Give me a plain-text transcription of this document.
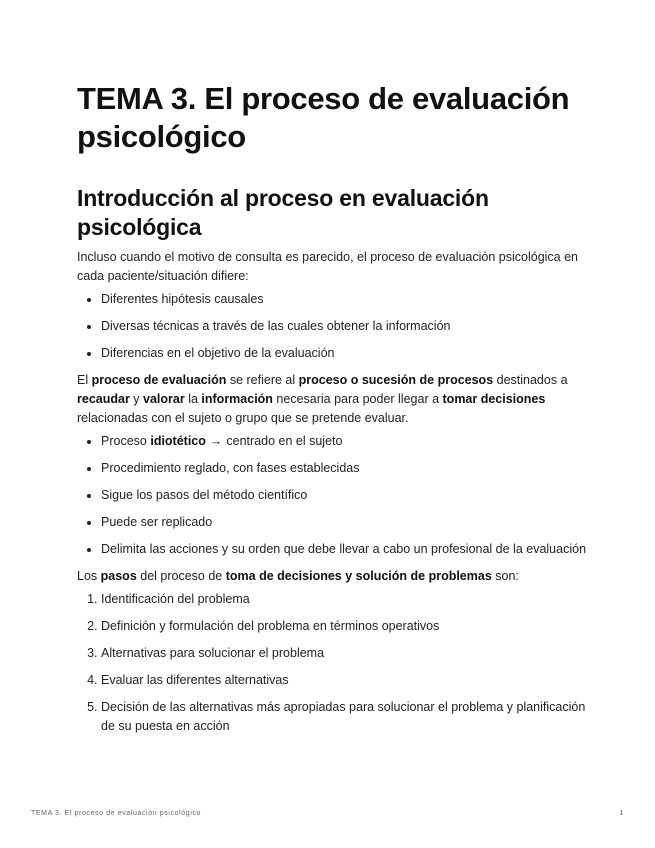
TEMA 3. El proceso de evaluación psicológico
Introducción al proceso en evaluación psicológica

Incluso cuando el motivo de consulta es parecido, el proceso de evaluación psicológica en cada paciente/situación difiere:

• Diferentes hipótesis causales
• Diversas técnicas a través de las cuales obtener la información
• Diferencias en el objetivo de la evaluación

El proceso de evaluación se refiere al proceso o sucesión de procesos destinados a recaudar y valorar la información necesaria para poder llegar a tomar decisiones relacionadas con el sujeto o grupo que se pretende evaluar.

• Proceso idiotético → centrado en el sujeto
• Procedimiento reglado, con fases establecidas
• Sigue los pasos del método científico
• Puede ser replicado
• Delimita las acciones y su orden que debe llevar a cabo un profesional de la evaluación

Los pasos del proceso de toma de decisiones y solución de problemas son:

1. Identificación del problema
2. Definición y formulación del problema en términos operativos
3. Alternativas para solucionar el problema
4. Evaluar las diferentes alternativas
5. Decisión de las alternativas más apropiadas para solucionar el problema y planificación de su puesta en acción
TEMA 3. El proceso de evaluación psicológico	1
